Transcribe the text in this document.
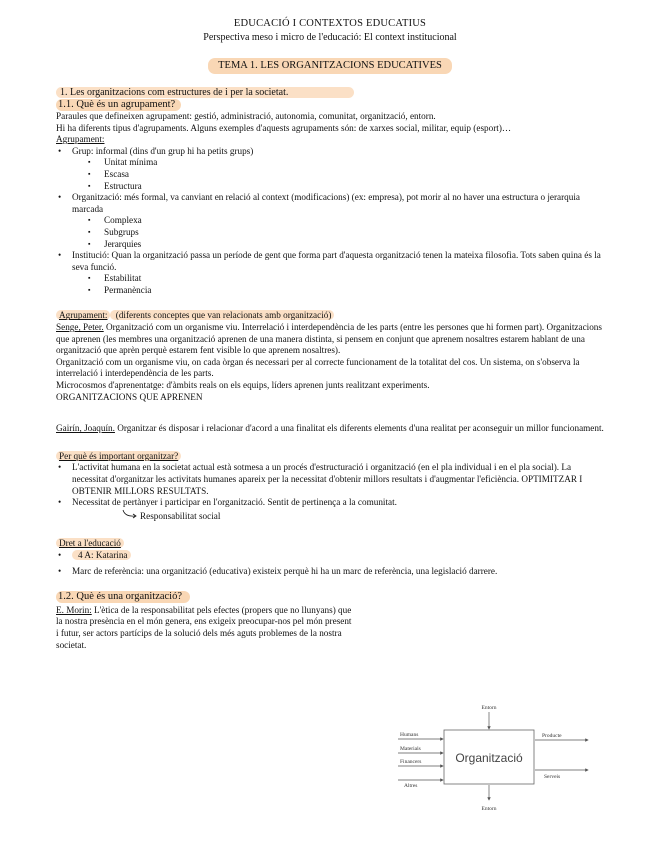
EDUCACIÓ I CONTEXTOS EDUCATIUS
Perspectiva meso i micro de l'educació: El context institucional
TEMA 1. LES ORGANITZACIONS EDUCATIVES
1. Les organitzacions com estructures de i per la societat.
1.1. Què és un agrupament?

Paraules que defineixen agrupament: gestió, administració, autonomia, comunitat, organització, entorn.

Hi ha diferents tipus d'agrupaments. Alguns exemples d'aquests agrupaments són: de xarxes social, militar, equip (esport)…

Agrupament:

• Grup: informal (dins d'un grup hi ha petits grups)
▪ Unitat mínima
▪ Escasa
▪ Estructura
• Organització: més formal, va canviant en relació al context (modificacions) (ex: empresa), pot morir al no haver una estructura o jerarquia marcada
▪ Complexa
▪ Subgrups
▪ Jerarquies
• Institució: Quan la organització passa un període de gent que forma part d'aquesta organització tenen la mateixa filosofia. Tots saben quina és la seva funció.
▪ Estabilitat
▪ Permanència

Agrupament: (diferents conceptes que van relacionats amb organització)

Senge, Peter. Organització com un organisme viu. Interrelació i interdependència de les parts (entre les persones que hi formen part). Organitzacions que aprenen (les membres una organització aprenen de una manera distinta, si pensem en conjunt que aprenem nosaltres estarem hablant de una organització que aprèn perquè estarem fent visible lo que aprenem nosaltres).

Organització com un organisme viu, on cada òrgan és necessari per al correcte funcionament de la totalitat del cos. Un sistema, on s'observa la interrelació i interdependència de les parts.

Microcosmos d'aprenentatge: d'àmbits reals on els equips, líders aprenen junts realitzant experiments.

ORGANITZACIONS QUE APRENEN

Gairín, Joaquín. Organitzar és disposar i relacionar d'acord a una finalitat els diferents elements d'una realitat per aconseguir un millor funcionament.

Per què és important organitzar?

• L'activitat humana en la societat actual està sotmesa a un procés d'estructuració i organització (en el pla individual i en el pla social). La necessitat d'organitzar les activitats humanes apareix per la necessitat d'obtenir millors resultats i d'augmentar l'eficiència. OPTIMITZAR I OBTENIR MILLORS RESULTATS.
• Necessitat de pertànyer i participar en l'organització. Sentit de pertinença a la comunitat.
Responsabilitat social

Dret a l'educació

• 4 A: Katarina
• Marc de referència: una organització (educativa) existeix perquè hi ha un marc de referència, una legislació darrere.
1.2. Què és una organització?

E. Morin: L'ètica de la responsabilitat pels efectes (propers que no llunyans) que la nostra presència en el món genera, ens exigeix preocupar-nos pel món present i futur, ser actors partícips de la solució dels més aguts problemes de la nostra societat.

Organització
Entorn
Entorn
Humans
Materials
Financers
Altres
Producte
Serveis
